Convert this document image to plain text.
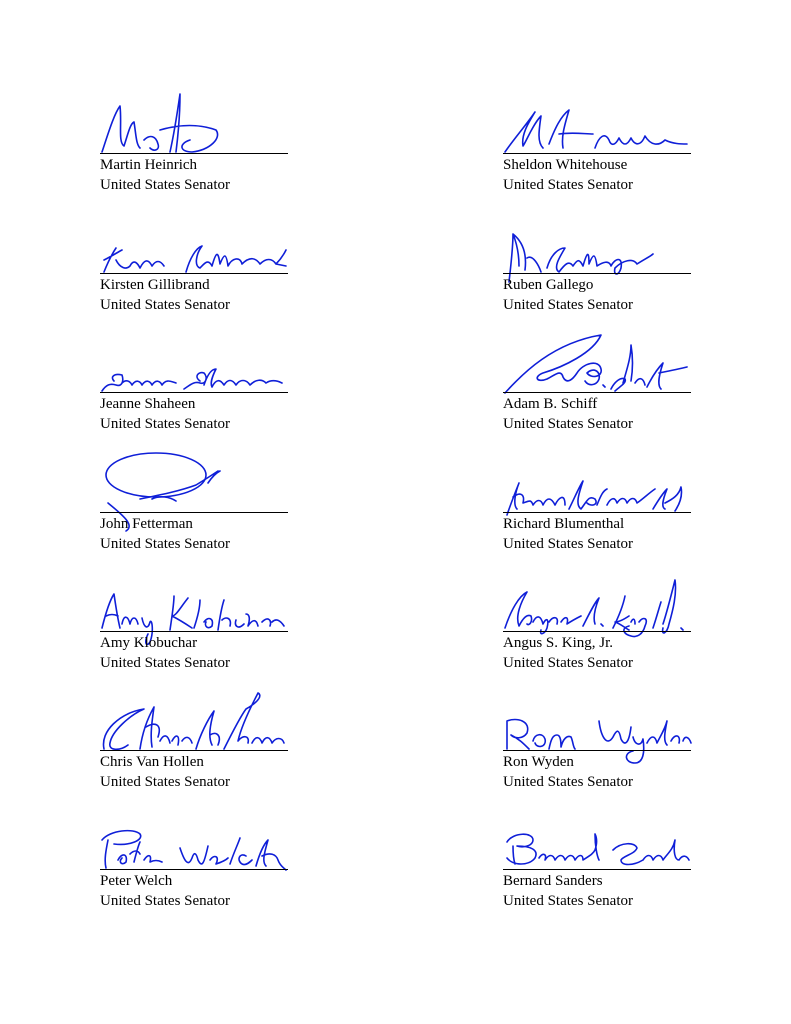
Martin Heinrich
United States Senator
Sheldon Whitehouse
United States Senator
Kirsten Gillibrand
United States Senator
Ruben Gallego
United States Senator
Jeanne Shaheen
United States Senator
Adam B. Schiff
United States Senator
John Fetterman
United States Senator
Richard Blumenthal
United States Senator
Amy Klobuchar
United States Senator
Angus S. King, Jr.
United States Senator
Chris Van Hollen
United States Senator
Ron Wyden
United States Senator
Peter Welch
United States Senator
Bernard Sanders
United States Senator
